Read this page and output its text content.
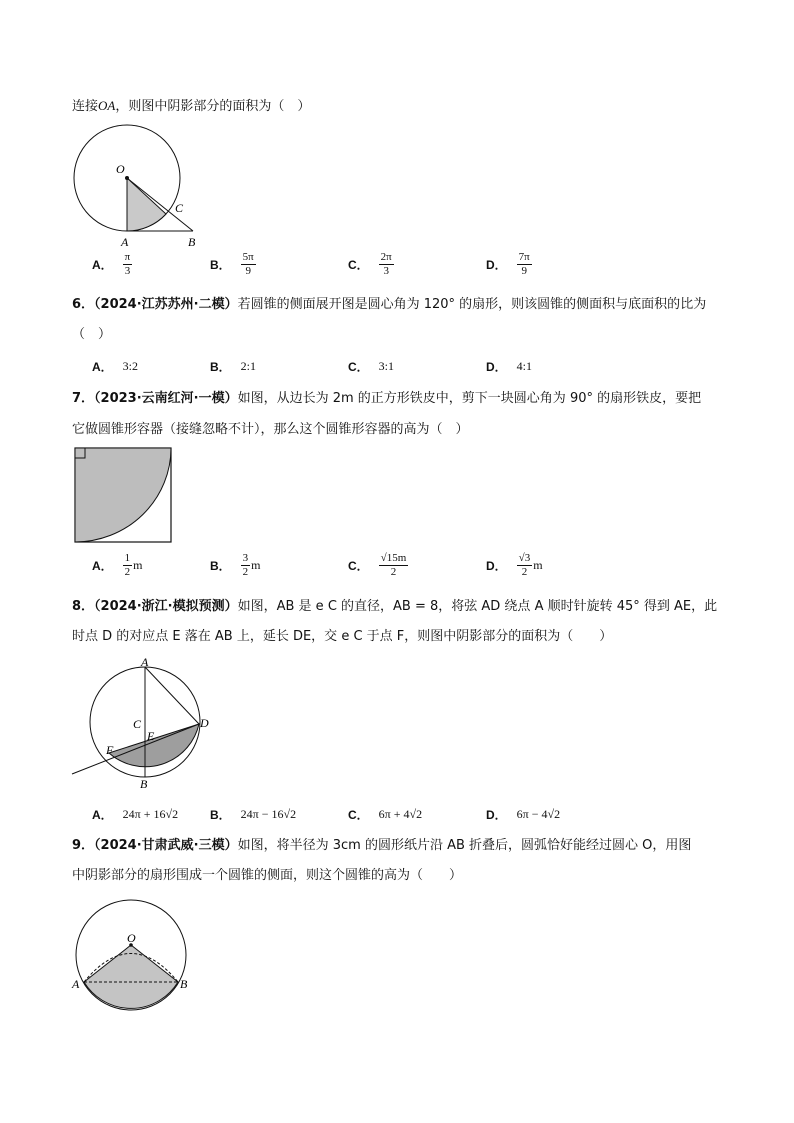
连接OA，则图中阴影部分的面积为（　）
O
C
A	B
A． $\frac{\pi}{3}$	B． $\frac{5\pi}{9}$	C． $\frac{2\pi}{3}$	D． $\frac{7\pi}{9}$
6．（2024·江苏苏州·二模）若圆锥的侧面展开图是圆心角为 120° 的扇形，则该圆锥的侧面积与底面积的比为
（　）
A． 3:2	B． 2:1	C． 3:1	D． 4:1
7．（2023·云南红河·一模）如图，从边长为 2m 的正方形铁皮中，剪下一块圆心角为 90° 的扇形铁皮，要把
它做圆锥形容器（接缝忽略不计），那么这个圆锥形容器的高为（　）
A． $\frac{1}{2}$ m	B． $\frac{3}{2}$ m	C． $\frac{√15m}{2}$	D． $\frac{√3}{2}$ m
8．（2024·浙江·模拟预测）如图，AB 是 e C 的直径，AB = 8，将弦 AD 绕点 A 顺时针旋转 45° 得到 AE，此
时点 D 的对应点 E 落在 AB 上，延长 DE，交 e C 于点 F，则图中阴影部分的面积为（　　）
A
C
E
D
F
B
A． 24π + 16√2	B． 24π − 16√2	C． 6π + 4√2	D． 6π − 4√2
9．（2024·甘肃武威·三模）如图，将半径为 3cm 的圆形纸片沿 AB 折叠后，圆弧恰好能经过圆心 O，用图
中阴影部分的扇形围成一个圆锥的侧面，则这个圆锥的高为（　　）
O
A	B
